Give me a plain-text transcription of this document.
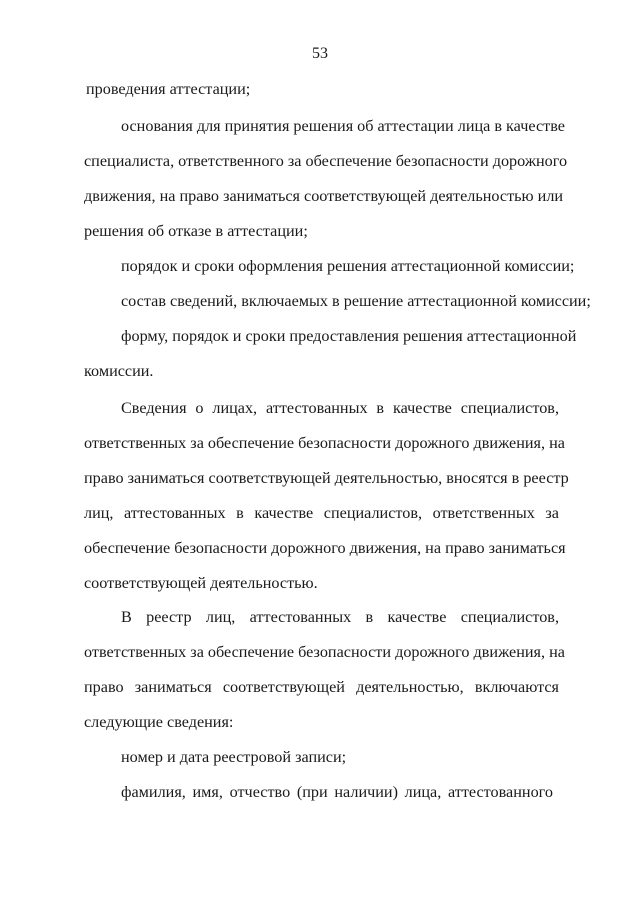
53
проведения аттестации;
основания для принятия решения об аттестации лица в качестве
специалиста, ответственного за обеспечение безопасности дорожного
движения, на право заниматься соответствующей деятельностью или
решения об отказе в аттестации;
порядок и сроки оформления решения аттестационной комиссии;
состав сведений, включаемых в решение аттестационной комиссии;
форму, порядок и сроки предоставления решения аттестационной
комиссии.
Сведения о лицах, аттестованных в качестве специалистов,
ответственных за обеспечение безопасности дорожного движения, на
право заниматься соответствующей деятельностью, вносятся в реестр
лиц, аттестованных в качестве специалистов, ответственных за
обеспечение безопасности дорожного движения, на право заниматься
соответствующей деятельностью.
В реестр лиц, аттестованных в качестве специалистов,
ответственных за обеспечение безопасности дорожного движения, на
право заниматься соответствующей деятельностью, включаются
следующие сведения:
номер и дата реестровой записи;
фамилия, имя, отчество (при наличии) лица, аттестованного
